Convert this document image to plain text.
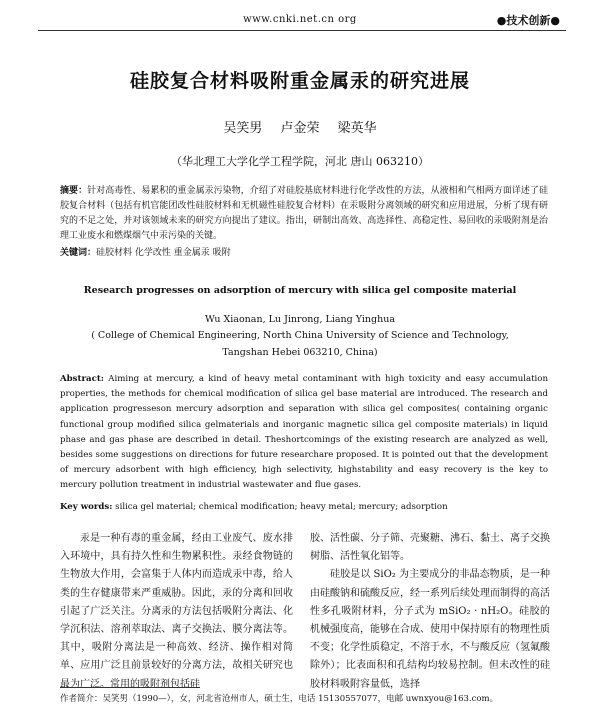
www.cnki.net.cn org	●技术创新●
硅胶复合材料吸附重金属汞的研究进展
吴笑男 卢金荣 梁英华
（华北理工大学化学工程学院，河北 唐山 063210）
摘要：针对高毒性、易累积的重金属汞污染物，介绍了对硅胶基底材料进行化学改性的方法，从液相和气相两方面详述了硅胶复合材料（包括有机官能团改性硅胶材料和无机磁性硅胶复合材料）在汞吸附分离领域的研究和应用进展，分析了现有研究的不足之处，并对该领域未来的研究方向提出了建议。指出，研制出高效、高选择性、高稳定性、易回收的汞吸附剂是治理工业废水和燃煤烟气中汞污染的关键。
关键词：硅胶材料 化学改性 重金属汞 吸附
Research progresses on adsorption of mercury with silica gel composite material
Wu Xiaonan, Lu Jinrong, Liang Yinghua
( College of Chemical Engineering, North China University of Science and Technology,
Tangshan Hebei 063210, China)
Abstract: Aiming at mercury, a kind of heavy metal contaminant with high toxicity and easy accumulation properties, the methods for chemical modification of silica gel base material are introduced. The research and application progresseson mercury adsorption and separation with silica gel composites( containing organic functional group modified silica gelmaterials and inorganic magnetic silica gel composite materials) in liquid phase and gas phase are described in detail. Theshortcomings of the existing research are analyzed as well, besides some suggestions on directions for future researchare proposed. It is pointed out that the development of mercury adsorbent with high efficiency, high selectivity, highstability and easy recovery is the key to mercury pollution treatment in industrial wastewater and flue gases.
Key words: silica gel material; chemical modification; heavy metal; mercury; adsorption
汞是一种有毒的重金属，经由工业废气、废水排入环境中，具有持久性和生物累积性。汞经食物链的生物放大作用，会富集于人体内而造成汞中毒，给人类的生存健康带来严重威胁。因此，汞的分离和回收引起了广泛关注。分离汞的方法包括吸附分离法、化学沉积法、溶剂萃取法、离子交换法、膜分离法等。其中，吸附分离法是一种高效、经济、操作相对简单、应用广泛且前景较好的分离方法，故相关研究也最为广泛。常用的吸附剂包括硅
胶、活性碳、分子筛、壳聚糖、沸石、黏土、离子交换树脂、活性氧化铝等。
硅胶是以 SiO₂ 为主要成分的非晶态物质，是一种由硅酸钠和硫酸反应，经一系列后续处理而制得的高活性多孔吸附材料，分子式为 mSiO₂ · nH₂O。硅胶的机械强度高，能够在合成、使用中保持原有的物理性质不变；化学性质稳定，不溶于水，不与酸反应（氢氟酸除外）；比表面积和孔结构均较易控制。但未改性的硅胶材料吸附容量低，选择
作者简介：吴笑男（1990—），女，河北省沧州市人，硕士生，电话 15130557077，电邮 uwnxyou@163.com。
